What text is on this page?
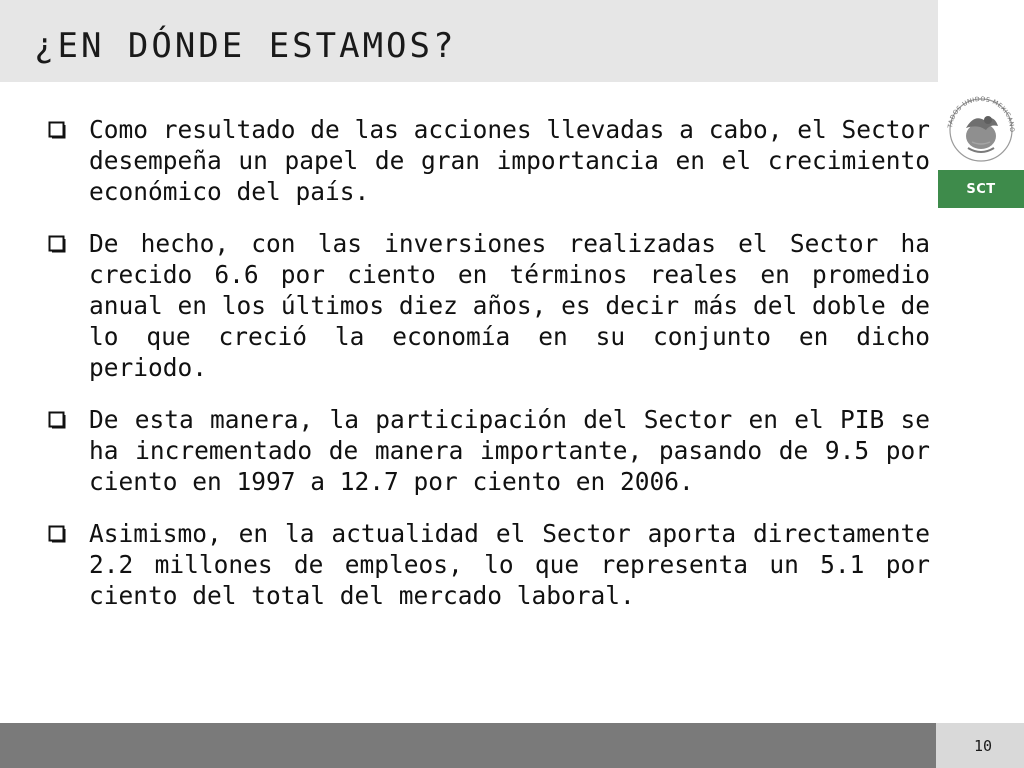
¿EN DÓNDE ESTAMOS?
TADOS UNIDOS MEXICANO
SCT

Como resultado de las acciones llevadas a cabo, el Sector desempeña un papel de gran importancia en el crecimiento económico del país.

De hecho, con las inversiones realizadas el Sector ha crecido 6.6 por ciento en términos reales en promedio anual en los últimos diez años, es decir más del doble de lo que creció la economía en su conjunto en dicho periodo.

De esta manera, la participación del Sector en el PIB se ha incrementado de manera importante, pasando de 9.5 por ciento en 1997 a 12.7 por ciento en 2006.

Asimismo, en la actualidad el Sector aporta directamente 2.2 millones de empleos, lo que representa un 5.1 por ciento del total del mercado laboral.

10
